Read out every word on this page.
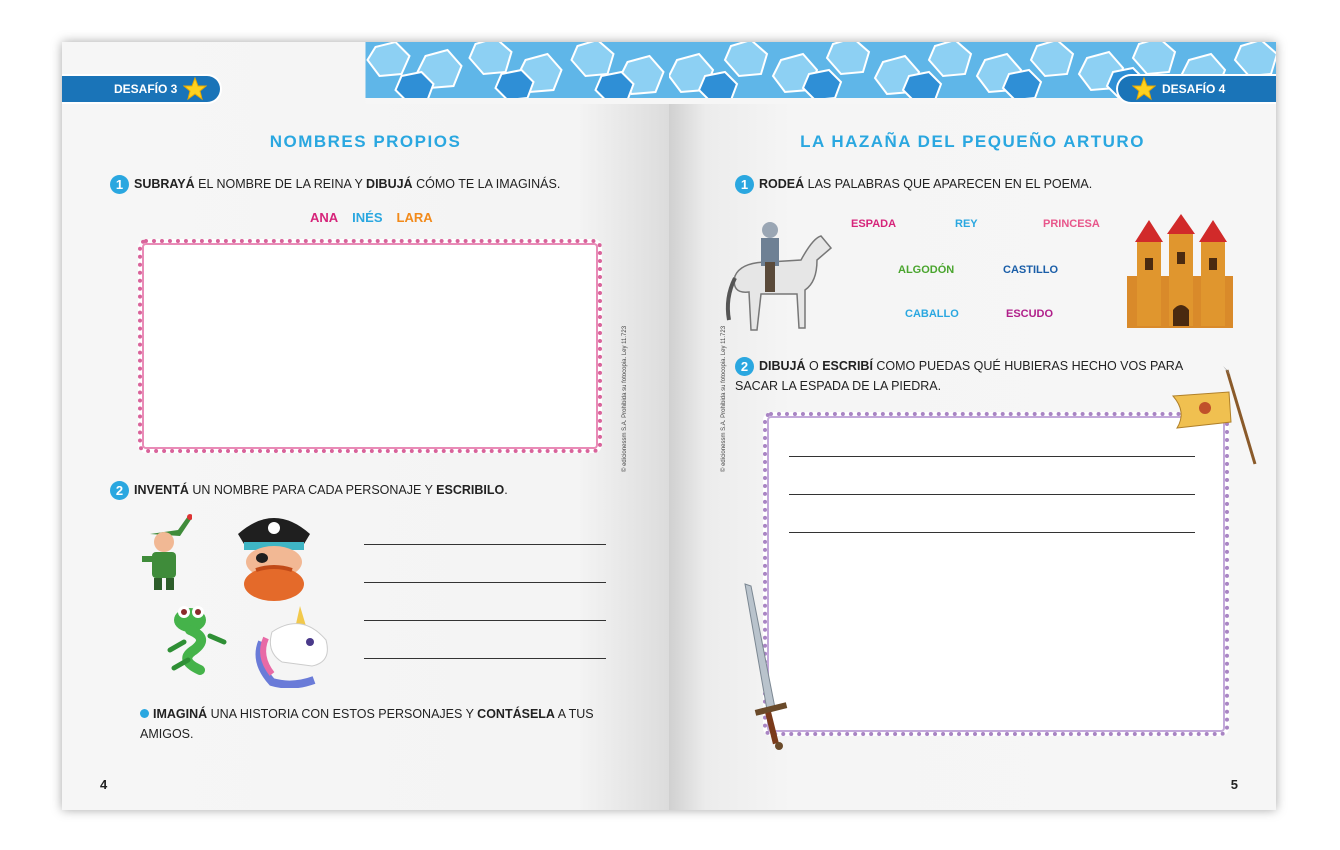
DESAFÍO 3
NOMBRES PROPIOS
1 SUBRAYÁ EL NOMBRE DE LA REINA Y DIBUJÁ CÓMO TE LA IMAGINÁS.
ANA INÉS LARA
2 INVENTÁ UN NOMBRE PARA CADA PERSONAJE Y ESCRIBILO.
IMAGINÁ UNA HISTORIA CON ESTOS PERSONAJES Y CONTÁSELA A TUS AMIGOS.
© edicionessm S.A. Prohibida su fotocopia. Ley 11.723
4
DESAFÍO 4
LA HAZAÑA DEL PEQUEÑO ARTURO
1 RODEÁ LAS PALABRAS QUE APARECEN EN EL POEMA.
ESPADA	REY	PRINCESA
ALGODÓN	CASTILLO
CABALLO	ESCUDO
2 DIBUJÁ O ESCRIBÍ COMO PUEDAS QUÉ HUBIERAS HECHO VOS PARA SACAR LA ESPADA DE LA PIEDRA.
© edicionessm S.A. Prohibida su fotocopia. Ley 11.723
5
